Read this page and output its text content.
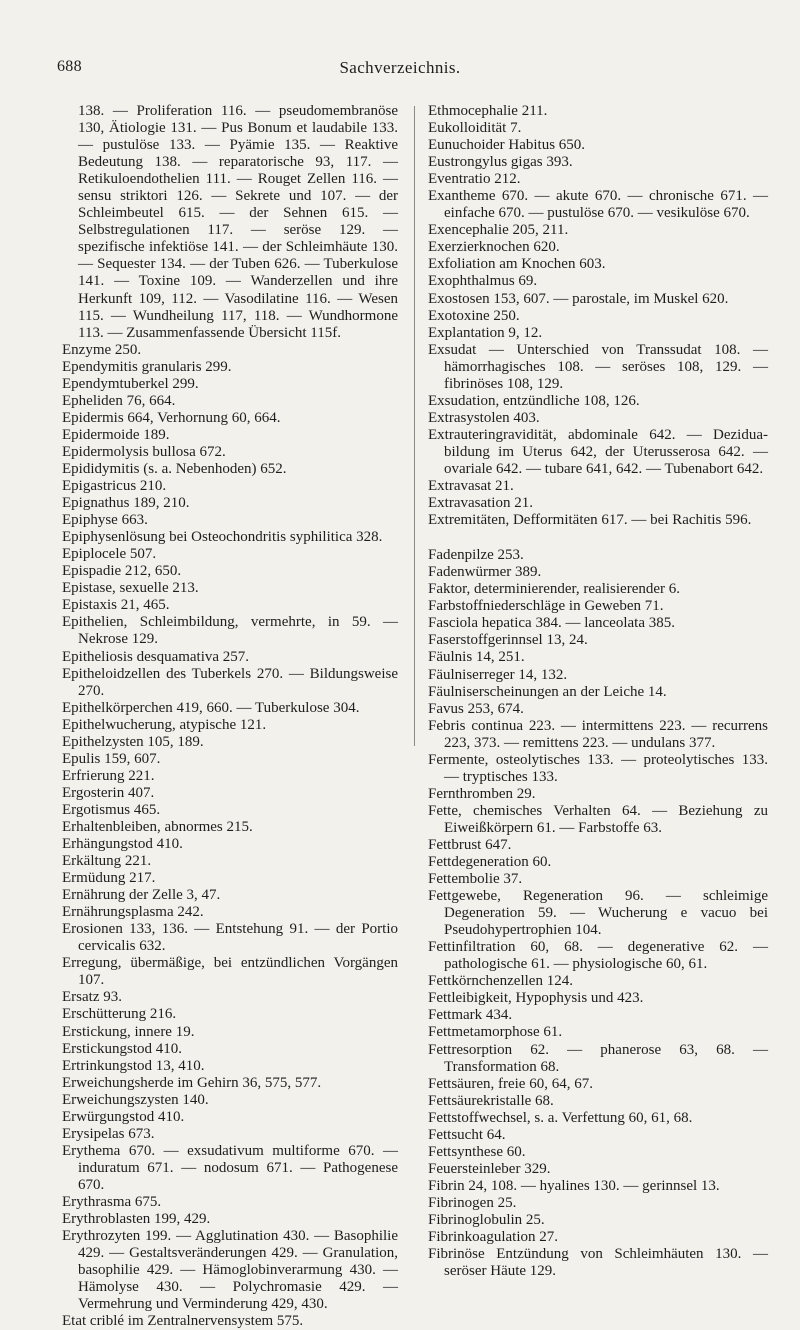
688	Sachverzeichnis.

138. — Proliferation 116. — pseudomembranöse 130, Ätiologie 131. — Pus Bonum et laudabile 133. — pustulöse 133. — Pyämie 135. — Reaktive Bedeutung 138. — reparatorische 93, 117. — Retikuloendothelien 111. — Rouget Zellen 116. — sensu striktori 126. — Sekrete und 107. — der Schleimbeutel 615. — der Sehnen 615. — Selbstregulationen 117. — seröse 129. — spezifische infektiöse 141. — der Schleimhäute 130. — Sequester 134. — der Tuben 626. — Tuberkulose 141. — Toxine 109. — Wanderzellen und ihre Herkunft 109, 112. — Vasodilatine 116. — Wesen 115. — Wundheilung 117, 118. — Wundhormone 113. — Zusammenfassende Übersicht 115f.

Enzyme 250.

Ependymitis granularis 299.

Ependymtuberkel 299.

Epheliden 76, 664.

Epidermis 664, Verhornung 60, 664.

Epidermoide 189.

Epidermolysis bullosa 672.

Epididymitis (s. a. Nebenhoden) 652.

Epigastricus 210.

Epignathus 189, 210.

Epiphyse 663.

Epiphysenlösung bei Osteochondritis syphilitica 328.

Epiplocele 507.

Epispadie 212, 650.

Epistase, sexuelle 213.

Epistaxis 21, 465.

Epithelien, Schleimbildung, vermehrte, in 59. — Nekrose 129.

Epitheliosis desquamativa 257.

Epitheloidzellen des Tuberkels 270. — Bildungsweise 270.

Epithelkörperchen 419, 660. — Tuberkulose 304.

Epithelwucherung, atypische 121.

Epithelzysten 105, 189.

Epulis 159, 607.

Erfrierung 221.

Ergosterin 407.

Ergotismus 465.

Erhaltenbleiben, abnormes 215.

Erhängungstod 410.

Erkältung 221.

Ermüdung 217.

Ernährung der Zelle 3, 47.

Ernährungsplasma 242.

Erosionen 133, 136. — Entstehung 91. — der Portio cervicalis 632.

Erregung, übermäßige, bei entzündlichen Vorgängen 107.

Ersatz 93.

Erschütterung 216.

Erstickung, innere 19.

Erstickungstod 410.

Ertrinkungstod 13, 410.

Erweichungsherde im Gehirn 36, 575, 577.

Erweichungszysten 140.

Erwürgungstod 410.

Erysipelas 673.

Erythema 670. — exsudativum multiforme 670. — induratum 671. — nodosum 671. — Pathogenese 670.

Erythrasma 675.

Erythroblasten 199, 429.

Erythrozyten 199. — Agglutination 430. — Basophilie 429. — Gestaltsveränderungen 429. — Granulation, basophilie 429. — Hämoglobinverarmung 430. — Hämolyse 430. — Polychromasie 429. — Vermehrung und Verminderung 429, 430.

Etat criblé im Zentralnervensystem 575.

Ethmocephalie 211.

Eukolloidität 7.

Eunuchoider Habitus 650.

Eustrongylus gigas 393.

Eventratio 212.

Exantheme 670. — akute 670. — chronische 671. — einfache 670. — pustulöse 670. — vesikulöse 670.

Exencephalie 205, 211.

Exerzierknochen 620.

Exfoliation am Knochen 603.

Exophthalmus 69.

Exostosen 153, 607. — parostale, im Muskel 620.

Exotoxine 250.

Explantation 9, 12.

Exsudat — Unterschied von Transsudat 108. — hämorrhagisches 108. — seröses 108, 129. — fibrinöses 108, 129.

Exsudation, entzündliche 108, 126.

Extrasystolen 403.

Extrauteringravidität, abdominale 642. — Dezidua-bildung im Uterus 642, der Uterusserosa 642. — ovariale 642. — tubare 641, 642. — Tubenabort 642.

Extravasat 21.

Extravasation 21.

Extremitäten, Defformitäten 617. — bei Rachitis 596.

Fadenpilze 253.

Fadenwürmer 389.

Faktor, determinierender, realisierender 6.

Farbstoffniederschläge in Geweben 71.

Fasciola hepatica 384. — lanceolata 385.

Faserstoffgerinnsel 13, 24.

Fäulnis 14, 251.

Fäulniserreger 14, 132.

Fäulniserscheinungen an der Leiche 14.

Favus 253, 674.

Febris continua 223. — intermittens 223. — recurrens 223, 373. — remittens 223. — undulans 377.

Fermente, osteolytisches 133. — proteolytisches 133. — tryptisches 133.

Fernthromben 29.

Fette, chemisches Verhalten 64. — Beziehung zu Eiweißkörpern 61. — Farbstoffe 63.

Fettbrust 647.

Fettdegeneration 60.

Fettembolie 37.

Fettgewebe, Regeneration 96. — schleimige Degeneration 59. — Wucherung e vacuo bei Pseudohypertrophien 104.

Fettinfiltration 60, 68. — degenerative 62. — pathologische 61. — physiologische 60, 61.

Fettkörnchenzellen 124.

Fettleibigkeit, Hypophysis und 423.

Fettmark 434.

Fettmetamorphose 61.

Fettresorption 62. — phanerose 63, 68. — Transformation 68.

Fettsäuren, freie 60, 64, 67.

Fettsäurekristalle 68.

Fettstoffwechsel, s. a. Verfettung 60, 61, 68.

Fettsucht 64.

Fettsynthese 60.

Feuersteinleber 329.

Fibrin 24, 108. — hyalines 130. — gerinnsel 13.

Fibrinogen 25.

Fibrinoglobulin 25.

Fibrinkoagulation 27.

Fibrinöse Entzündung von Schleimhäuten 130. — seröser Häute 129.
